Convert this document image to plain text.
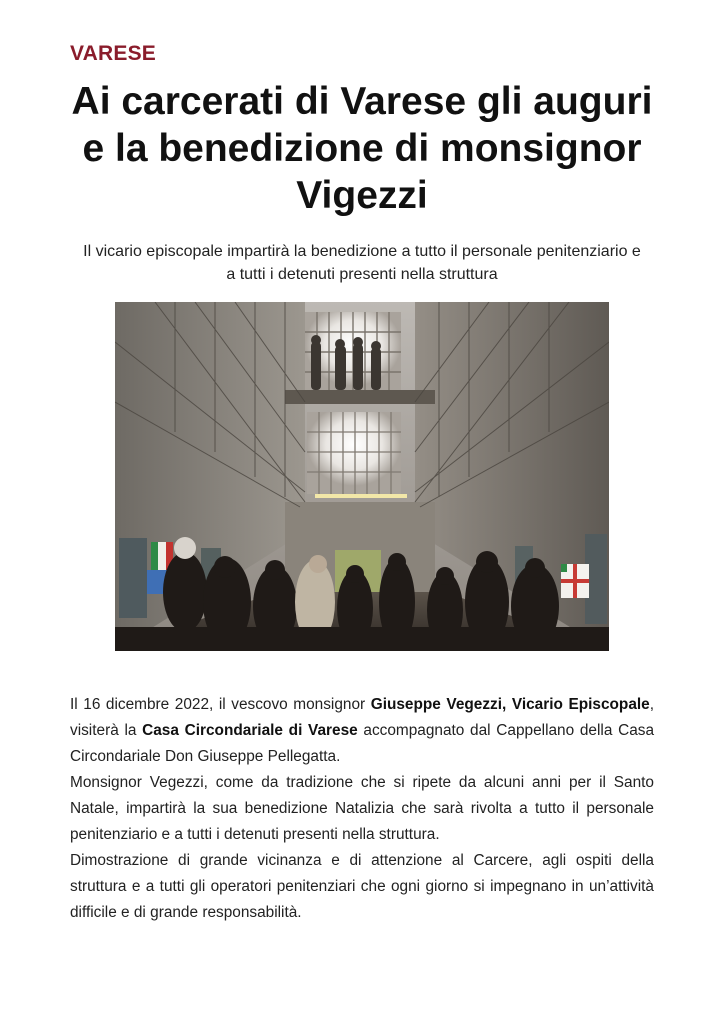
VARESE
Ai carcerati di Varese gli auguri e la benedizione di monsignor Vigezzi

Il vicario episcopale impartirà la benedizione a tutto il personale penitenziario e a tutti i detenuti presenti nella struttura

Il 16 dicembre 2022, il vescovo monsignor Giuseppe Vegezzi, Vicario Episcopale, visiterà la Casa Circondariale di Varese accompagnato dal Cappellano della Casa Circondariale Don Giuseppe Pellegatta.

Monsignor Vegezzi, come da tradizione che si ripete da alcuni anni per il Santo Natale, impartirà la sua benedizione Natalizia che sarà rivolta a tutto il personale penitenziario e a tutti i detenuti presenti nella struttura.

Dimostrazione di grande vicinanza e di attenzione al Carcere, agli ospiti della struttura e a tutti gli operatori penitenziari che ogni giorno si impegnano in un’attività difficile e di grande responsabilità.
